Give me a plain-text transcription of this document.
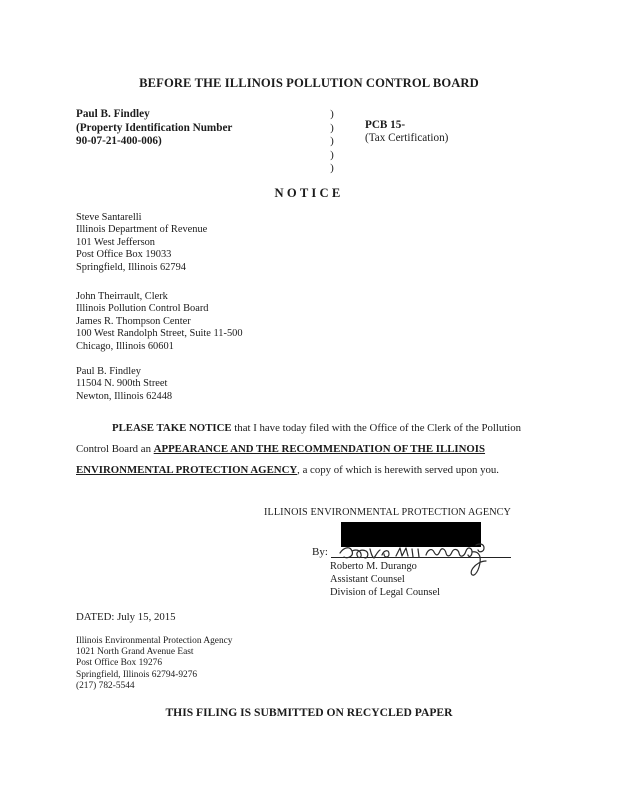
BEFORE THE ILLINOIS POLLUTION CONTROL BOARD
Paul B. Findley
(Property Identification Number
90-07-21-400-006)
)
)
)
)
)
PCB 15-
(Tax Certification)
NOTICE
Steve Santarelli
Illinois Department of Revenue
101 West Jefferson
Post Office Box 19033
Springfield, Illinois 62794
John Theirrault, Clerk
Illinois Pollution Control Board
James R. Thompson Center
100 West Randolph Street, Suite 11-500
Chicago, Illinois 60601
Paul B. Findley
11504 N. 900th Street
Newton, Illinois 62448
PLEASE TAKE NOTICE that I have today filed with the Office of the Clerk of the Pollution
Control Board an APPEARANCE AND THE RECOMMENDATION OF THE ILLINOIS
ENVIRONMENTAL PROTECTION AGENCY, a copy of which is herewith served upon you.
ILLINOIS ENVIRONMENTAL PROTECTION AGENCY
By:
Roberto M. Durango
Assistant Counsel
Division of Legal Counsel
DATED: July 15, 2015
Illinois Environmental Protection Agency
1021 North Grand Avenue East
Post Office Box 19276
Springfield, Illinois 62794-9276
(217) 782-5544
THIS FILING IS SUBMITTED ON RECYCLED PAPER
